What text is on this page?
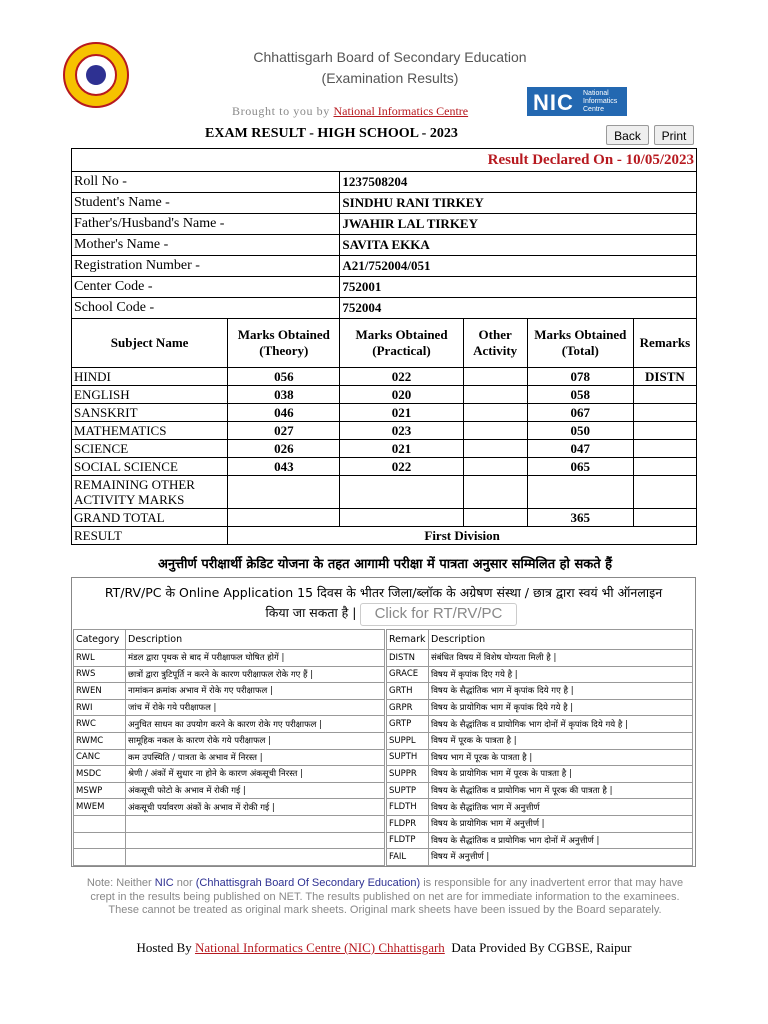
Chhattisgarh Board of Secondary Education
(Examination Results)
Brought to you by National Informatics Centre	NIC National
Informatics
Centre
EXAM RESULT - HIGH SCHOOL - 2023	Back	Print
Result Declared On - 10/05/2023					
Roll No -		1237508204			
Student's Name -		SINDHU RANI TIRKEY			
Father's/Husband's Name -		JWAHIR LAL TIRKEY			
Mother's Name -		SAVITA EKKA			
Registration Number -		A21/752004/051			
Center Code -		752001			
School Code -		752004			
Subject Name	Marks Obtained (Theory)	Marks Obtained (Practical)	Other Activity	Marks Obtained (Total)	Remarks
HINDI	056	022		078	DISTN
ENGLISH	038	020		058	
SANSKRIT	046	021		067	
MATHEMATICS	027	023		050	
SCIENCE	026	021		047	
SOCIAL SCIENCE	043	022		065	
REMAINING OTHER ACTIVITY MARKS					
GRAND TOTAL				365	
RESULT	First Division				
अनुत्तीर्ण परीक्षार्थी क्रेडिट योजना के तहत आगामी परीक्षा में पात्रता अनुसार सम्मिलित हो सकते हैं
RT/RV/PC के Online Application 15 दिवस के भीतर जिला/ब्लॉक के अग्रेषण संस्था / छात्र द्वारा स्वयं भी ऑनलाइन
किया जा सकता है |	Click for RT/RV/PC
Category	Description
RWL	मंडल द्वारा पृथक से बाद में परीक्षाफल घोषित होगें |
RWS	छात्रों द्वारा त्रुटिपूर्ति न करने के कारण परीक्षाफल रोके गए हैं |
RWEN	नामांकन क्रमांक अभाव में रोके गए परीक्षाफल |
RWI	जांच में रोके गये परीक्षाफल |
RWC	अनुचित साधन का उपयोग करने के कारण रोके गए परीक्षाफल |
RWMC	सामूहिक नकल के कारण रोके गये परीक्षाफल |
CANC	कम उपस्थिति / पात्रता के अभाव में निरस्त |
MSDC	श्रेणी / अंकों में सुधार ना होने के कारण अंकसूची निरस्त |
MSWP	अंकसूची फोटो के अभाव में रोकी गई |
MWEM	अंकसूची पर्यावरण अंकों के अभाव में रोकी गई |

Remark	Description
DISTN	संबंधित विषय में विशेष योग्यता मिली है |
GRACE	विषय में कृपांक दिए गये है |
GRTH	विषय के सैद्धांतिक भाग में कृपांक दिये गए है |
GRPR	विषय के प्रायोगिक भाग में कृपांक दिये गये है |
GRTP	विषय के सैद्धांतिक व प्रायोगिक भाग दोनों में कृपांक दिये गये है |
SUPPL	विषय में पूरक के पात्रता है |
SUPTH	विषय भाग में पूरक के पात्रता है |
SUPPR	विषय के प्रायोगिक भाग में पूरक के पात्रता है |
SUPTP	विषय के सैद्धांतिक व प्रायोगिक भाग में पूरक की पात्रता है |
FLDTH	विषय के सैद्धांतिक भाग में अनुत्तीर्ण
FLDPR	विषय के प्रायोगिक भाग में अनुत्तीर्ण |
FLDTP	विषय के सैद्धांतिक व प्रायोगिक भाग दोनों में अनुत्तीर्ण |
FAIL	विषय में अनुत्तीर्ण |
Note: Neither NIC nor (Chhattisgrah Board Of Secondary Education) is responsible for any inadvertent error that may have crept in the results being published on NET. The results published on net are for immediate information to the examinees. These cannot be treated as original mark sheets. Original mark sheets have been issued by the Board separately.
Hosted By National Informatics Centre (NIC) Chhattisgarh Data Provided By CGBSE, Raipur
